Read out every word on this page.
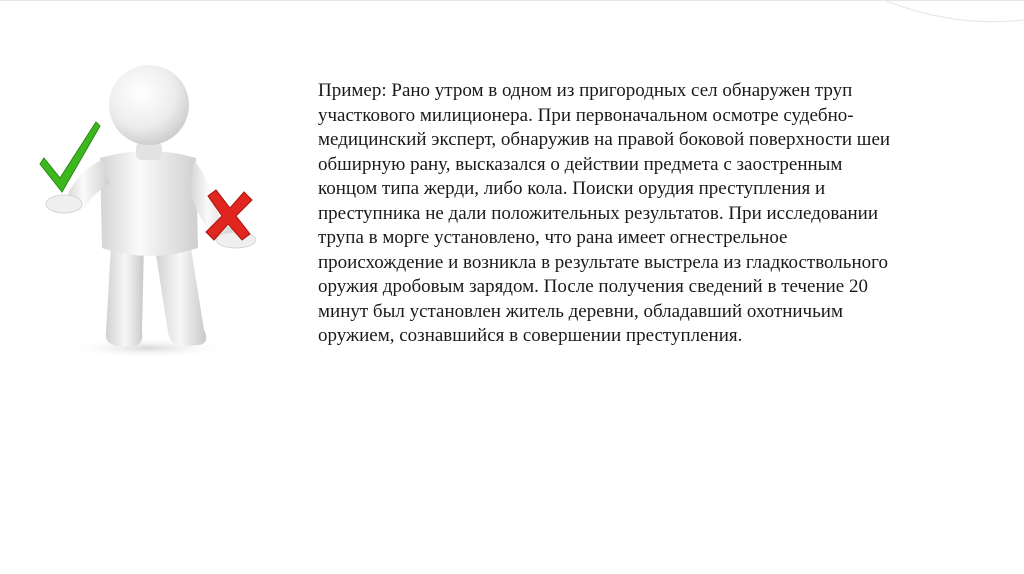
Пример: Рано утром в одном из пригородных сел обнаружен труп
участкового милиционера. При первоначальном осмотре судебно-
медицинский эксперт, обнаружив на правой боковой поверхности шеи
обширную рану, высказался о действии предмета с заостренным
концом типа жерди, либо кола. Поиски орудия преступления и
преступника не дали положительных результатов. При исследовании
трупа в морге установлено, что рана имеет огнестрельное
происхождение и возникла в результате выстрела из гладкоствольного
оружия дробовым зарядом. После получения сведений в течение 20
минут был установлен житель деревни, обладавший охотничьим
оружием, сознавшийся в совершении преступления.
